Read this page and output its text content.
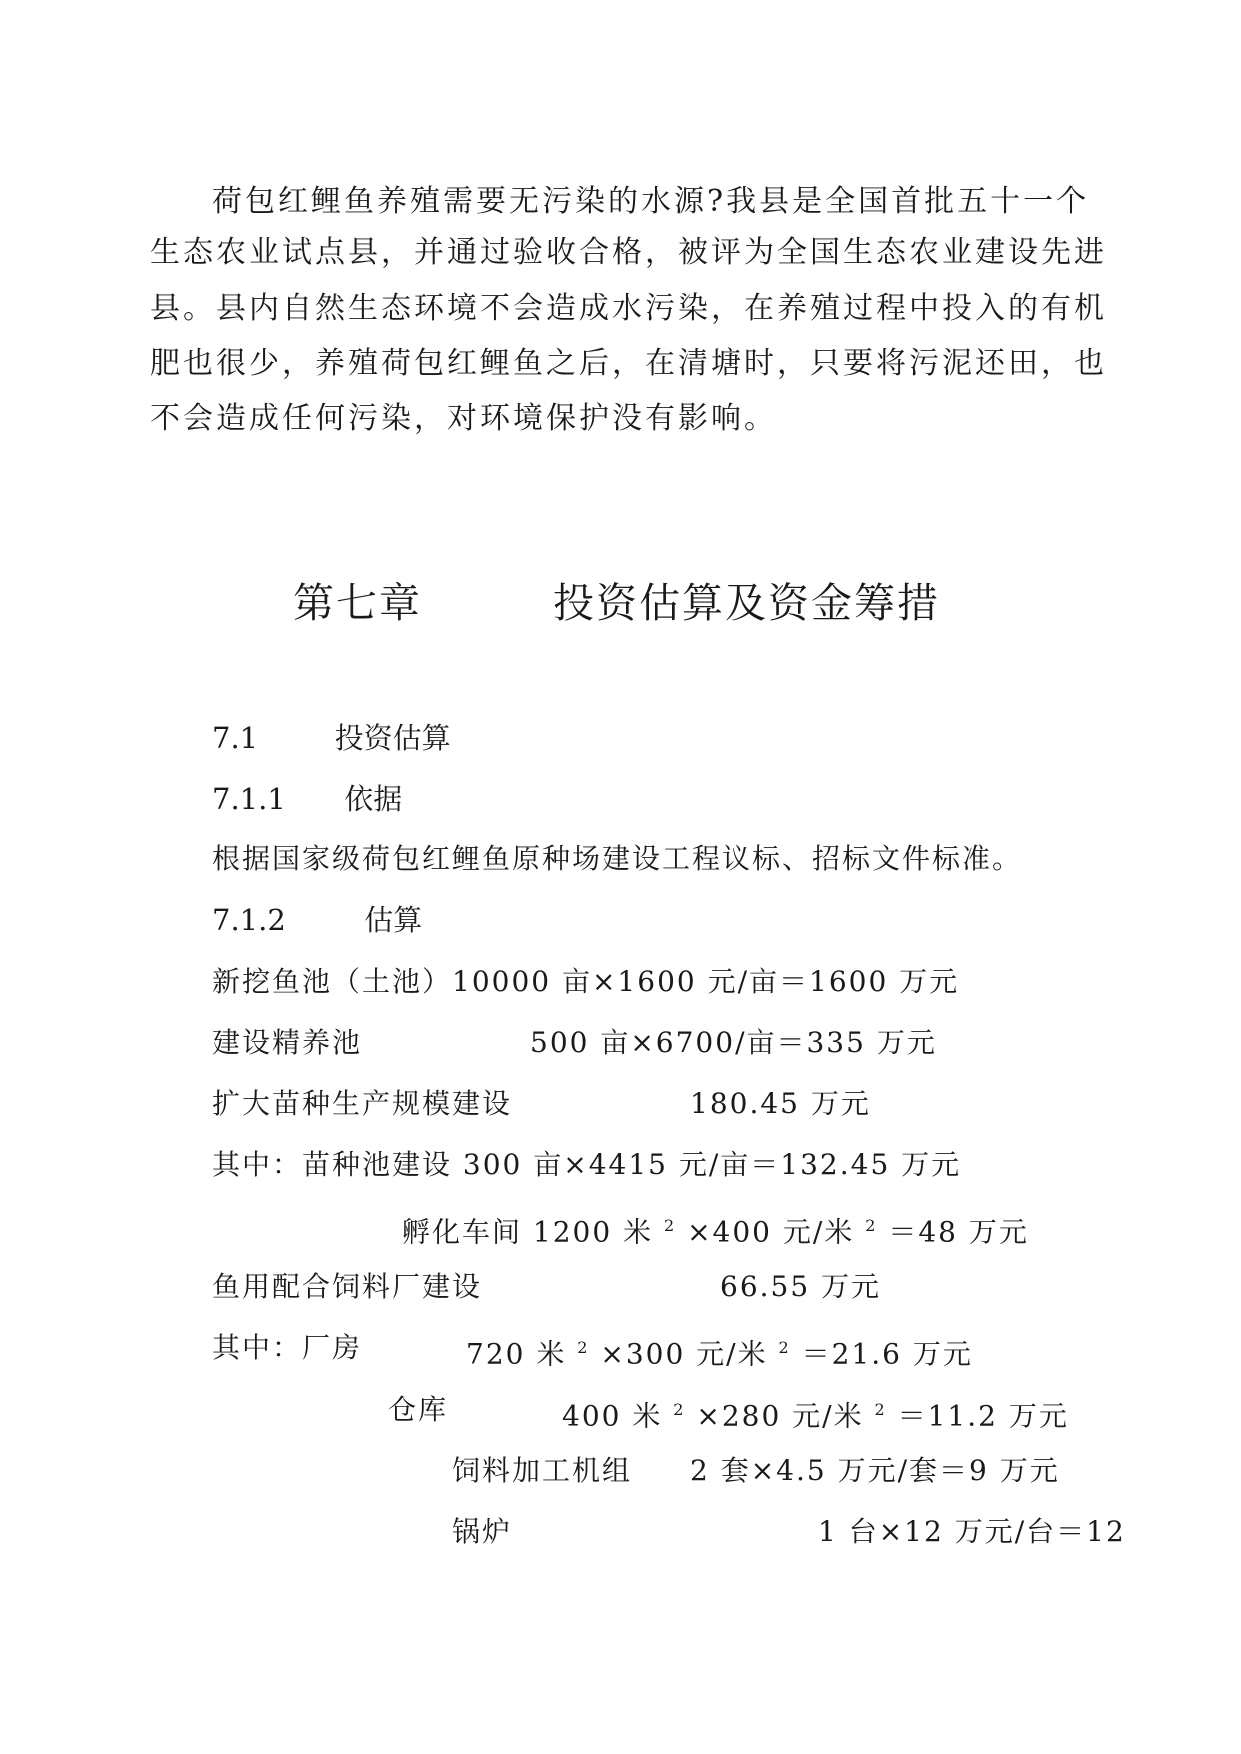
荷包红鲤鱼养殖需要无污染的水源?我县是全国首批五十一个
生态农业试点县，并通过验收合格，被评为全国生态农业建设先进
县。县内自然生态环境不会造成水污染，在养殖过程中投入的有机
肥也很少，养殖荷包红鲤鱼之后，在清塘时，只要将污泥还田，也
不会造成任何污染，对环境保护没有影响。
第七章	投资估算及资金筹措
7.1	投资估算
7.1.1 依据
根据国家级荷包红鲤鱼原种场建设工程议标、招标文件标准。
7.1.2	估算
新挖鱼池（土池）10000 亩×1600 元/亩＝1600 万元
建设精养池	500 亩×6700/亩＝335 万元
扩大苗种生产规模建设	180.45 万元
其中：苗种池建设 300 亩×4415 元/亩＝132.45 万元
孵化车间 1200 米 $^2$ ×400 元/米 $^2$ ＝48 万元
鱼用配合饲料厂建设	66.55 万元
其中：厂房	720 米 $^2$ ×300 元/米 $^2$ ＝21.6 万元
仓库	400 米 $^2$ ×280 元/米 $^2$ ＝11.2 万元
饲料加工机组 2 套×4.5 万元/套＝9 万元
锅炉	1 台×12 万元/台＝12
